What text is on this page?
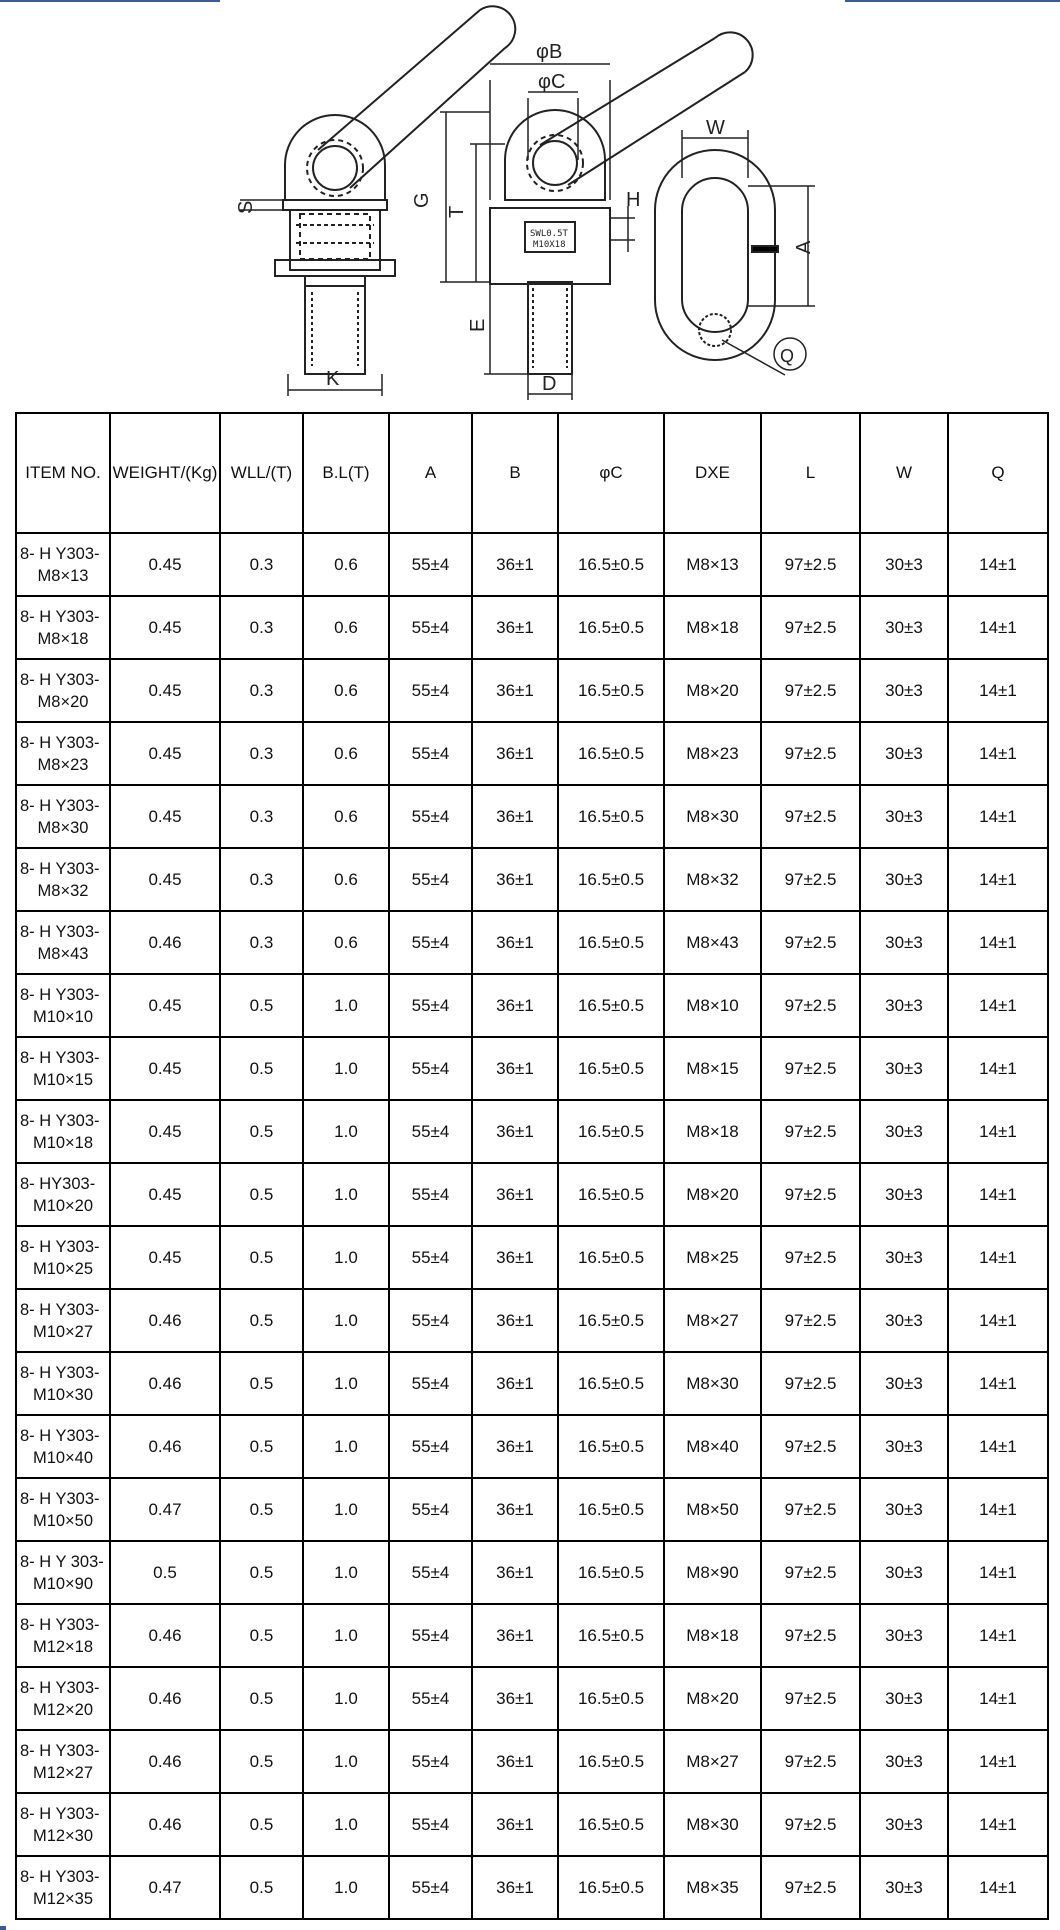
φB
φC
G
T
S	H
E
K	D
W
A
Q
SWL0.5T
M10X18
ITEM NO.	WEIGHT/(Kg)	WLL/(T)	B.L(T)	A	B	φC	DXE	L	W	Q

8- H Y303-
M8×13	0.45	0.3	0.6	55±4	36±1	16.5±0.5	M8×13	97±2.5	30±3	14±1

8- H Y303-
M8×18	0.45	0.3	0.6	55±4	36±1	16.5±0.5	M8×18	97±2.5	30±3	14±1

8- H Y303-
M8×20	0.45	0.3	0.6	55±4	36±1	16.5±0.5	M8×20	97±2.5	30±3	14±1

8- H Y303-
M8×23	0.45	0.3	0.6	55±4	36±1	16.5±0.5	M8×23	97±2.5	30±3	14±1

8- H Y303-
M8×30	0.45	0.3	0.6	55±4	36±1	16.5±0.5	M8×30	97±2.5	30±3	14±1

8- H Y303-
M8×32	0.45	0.3	0.6	55±4	36±1	16.5±0.5	M8×32	97±2.5	30±3	14±1

8- H Y303-
M8×43	0.46	0.3	0.6	55±4	36±1	16.5±0.5	M8×43	97±2.5	30±3	14±1

8- H Y303-
M10×10	0.45	0.5	1.0	55±4	36±1	16.5±0.5	M8×10	97±2.5	30±3	14±1

8- H Y303-
M10×15	0.45	0.5	1.0	55±4	36±1	16.5±0.5	M8×15	97±2.5	30±3	14±1

8- H Y303-
M10×18	0.45	0.5	1.0	55±4	36±1	16.5±0.5	M8×18	97±2.5	30±3	14±1

8- HY303-
M10×20	0.45	0.5	1.0	55±4	36±1	16.5±0.5	M8×20	97±2.5	30±3	14±1

8- H Y303-
M10×25	0.45	0.5	1.0	55±4	36±1	16.5±0.5	M8×25	97±2.5	30±3	14±1

8- H Y303-
M10×27	0.46	0.5	1.0	55±4	36±1	16.5±0.5	M8×27	97±2.5	30±3	14±1

8- H Y303-
M10×30	0.46	0.5	1.0	55±4	36±1	16.5±0.5	M8×30	97±2.5	30±3	14±1

8- H Y303-
M10×40	0.46	0.5	1.0	55±4	36±1	16.5±0.5	M8×40	97±2.5	30±3	14±1

8- H Y303-
M10×50	0.47	0.5	1.0	55±4	36±1	16.5±0.5	M8×50	97±2.5	30±3	14±1

8- H Y 303-
M10×90	0.5	0.5	1.0	55±4	36±1	16.5±0.5	M8×90	97±2.5	30±3	14±1

8- H Y303-
M12×18	0.46	0.5	1.0	55±4	36±1	16.5±0.5	M8×18	97±2.5	30±3	14±1

8- H Y303-
M12×20	0.46	0.5	1.0	55±4	36±1	16.5±0.5	M8×20	97±2.5	30±3	14±1

8- H Y303-
M12×27	0.46	0.5	1.0	55±4	36±1	16.5±0.5	M8×27	97±2.5	30±3	14±1

8- H Y303-
M12×30	0.46	0.5	1.0	55±4	36±1	16.5±0.5	M8×30	97±2.5	30±3	14±1

8- H Y303-
M12×35	0.47	0.5	1.0	55±4	36±1	16.5±0.5	M8×35	97±2.5	30±3	14±1
